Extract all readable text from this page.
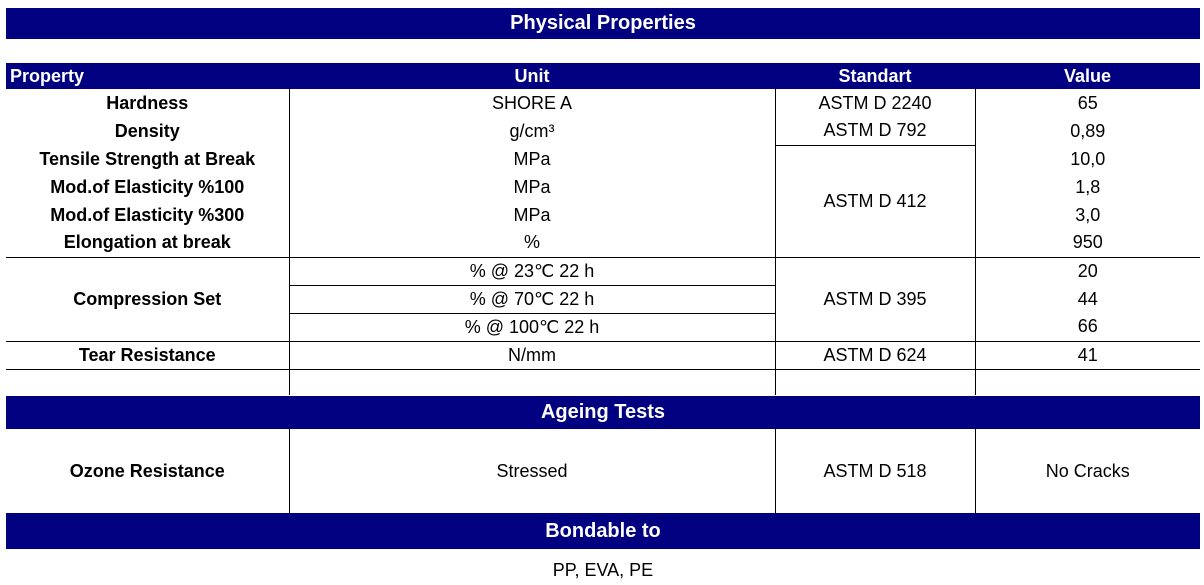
Physical Properties
Property	Unit	Standart	Value
Hardness	SHORE A	ASTM D 2240	65
Density	g/cm³	ASTM D 792	0,89
Tensile Strength at Break	MPa	ASTM D 412	10,0
Mod.of Elasticity %100	MPa		1,8
Mod.of Elasticity %300	MPa		3,0
Elongation at break	%		950
Compression Set	% @ 23℃ 22 h	ASTM D 395	20
	% @ 70℃ 22 h		44
	% @ 100℃ 22 h		66
Tear Resistance	N/mm	ASTM D 624	41

Ageing Tests
Ozone Resistance	Stressed	ASTM D 518	No Cracks
Bondable to
PP, EVA, PE
